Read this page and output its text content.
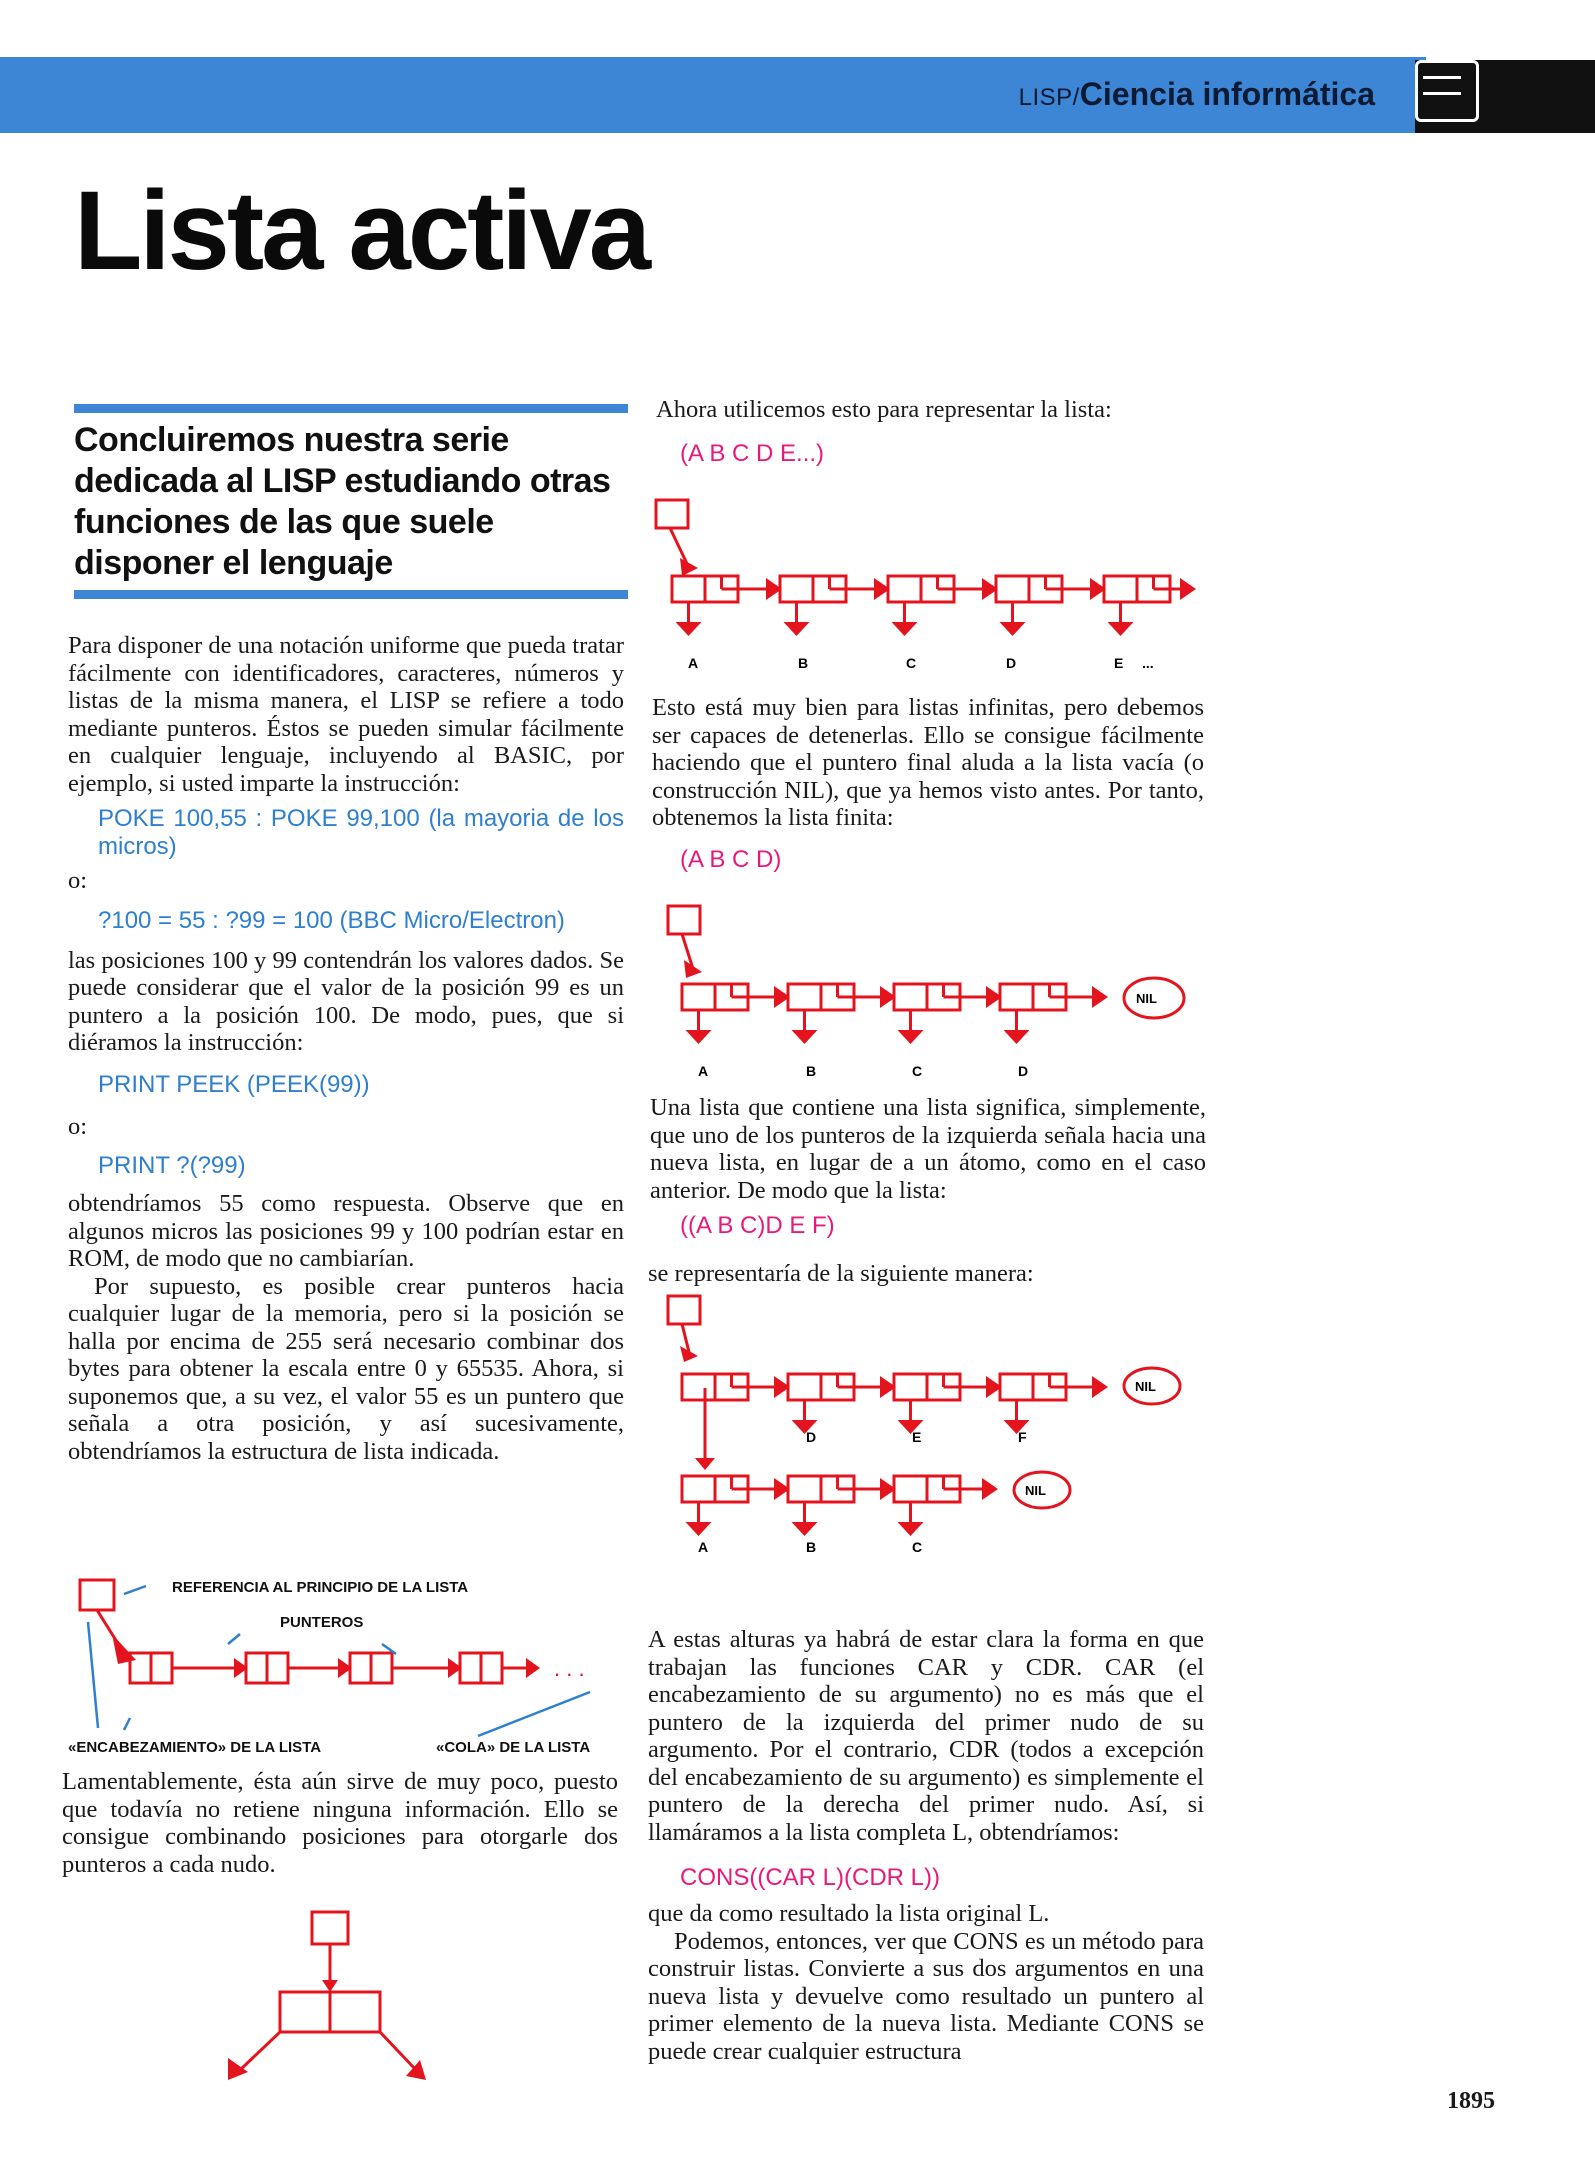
LISP/Ciencia informática
Lista activa
Concluiremos nuestra serie dedicada al LISP estudiando otras funciones de las que suele disponer el lenguaje

Para disponer de una notación uniforme que pueda tratar fácilmente con identificadores, caracteres, números y listas de la misma manera, el LISP se refiere a todo mediante punteros. Éstos se pueden simular fácilmente en cualquier lenguaje, incluyendo al BASIC, por ejemplo, si usted imparte la instrucción:

POKE 100,55 : POKE 99,100 (la mayoria de los micros)

o:

?100 = 55 : ?99 = 100 (BBC Micro/Electron)

las posiciones 100 y 99 contendrán los valores dados. Se puede considerar que el valor de la posición 99 es un puntero a la posición 100. De modo, pues, que si diéramos la instrucción:

PRINT PEEK (PEEK(99))

o:

PRINT ?(?99)

obtendríamos 55 como respuesta. Observe que en algunos micros las posiciones 99 y 100 podrían estar en ROM, de modo que no cambiarían.

Por supuesto, es posible crear punteros hacia cualquier lugar de la memoria, pero si la posición se halla por encima de 255 será necesario combinar dos bytes para obtener la escala entre 0 y 65535. Ahora, si suponemos que, a su vez, el valor 55 es un puntero que señala a otra posición, y así sucesivamente, obtendríamos la estructura de lista indicada.

. . .
REFERENCIA AL PRINCIPIO DE LA LISTA
PUNTEROS
«ENCABEZAMIENTO» DE LA LISTA	«COLA» DE LA LISTA

Lamentablemente, ésta aún sirve de muy poco, puesto que todavía no retiene ninguna información. Ello se consigue combinando posiciones para otorgarle dos punteros a cada nudo.

Ahora utilicemos esto para representar la lista:

(A B C D E...)
A	B	C	D	E ...

Esto está muy bien para listas infinitas, pero debemos ser capaces de detenerlas. Ello se consigue fácilmente haciendo que el puntero final aluda a la lista vacía (o construcción NIL), que ya hemos visto antes. Por tanto, obtenemos la lista finita:

(A B C D)
NIL
A	B	C	D

Una lista que contiene una lista significa, simplemente, que uno de los punteros de la izquierda señala hacia una nueva lista, en lugar de a un átomo, como en el caso anterior. De modo que la lista:

((A B C)D E F)

se representaría de la siguiente manera:

NIL
NIL
D	E	F
A	B	C

A estas alturas ya habrá de estar clara la forma en que trabajan las funciones CAR y CDR. CAR (el encabezamiento de su argumento) no es más que el puntero de la izquierda del primer nudo de su argumento. Por el contrario, CDR (todos a excepción del encabezamiento de su argumento) es simplemente el puntero de la derecha del primer nudo. Así, si llamáramos a la lista completa L, obtendríamos:

CONS((CAR L)(CDR L))

que da como resultado la lista original L.

Podemos, entonces, ver que CONS es un método para construir listas. Convierte a sus dos argumentos en una nueva lista y devuelve como resultado un puntero al primer elemento de la nueva lista. Mediante CONS se puede crear cualquier estructura

1895
